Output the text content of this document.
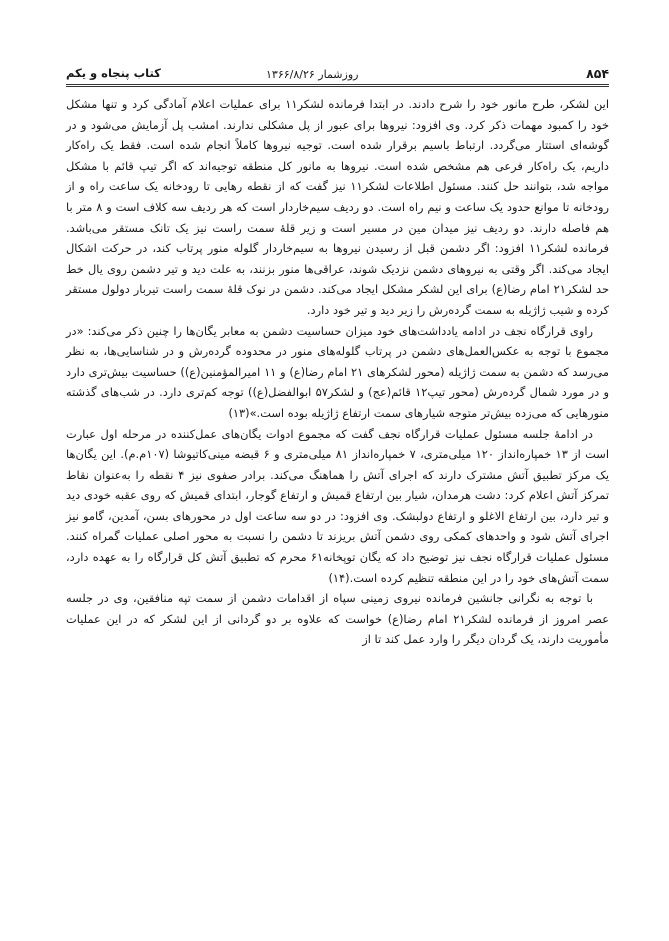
۸۵۴
روزشمار ۱۳۶۶/۸/۲۶
کتاب پنجاه و یکم

این لشکر، طرح مانور خود را شرح دادند. در ابتدا فرمانده لشکر۱۱ برای عملیات اعلام آمادگی کرد و تنها مشکل خود را کمبود مهمات ذکر کرد. وی افزود: نیروها برای عبور از پل مشکلی ندارند. امشب پل آزمایش می‌شود و در گوشه‌ای استتار می‌گردد. ارتباط باسیم برقرار شده است. توجیه نیروها کاملاً انجام شده است. فقط یک راه‌کار داریم، یک راه‌کار فرعی هم مشخص شده است. نیروها به مانور کل منطقه توجیه‌اند که اگر تیپ قائم با مشکل مواجه شد، بتوانند حل کنند. مسئول اطلاعات لشکر۱۱ نیز گفت که از نقطه رهایی تا رودخانه یک ساعت راه و از رودخانه تا موانع حدود یک ساعت و نیم راه است. دو ردیف سیم‌خاردار است که هر ردیف سه کلاف است و ۸ متر با هم فاصله دارند. دو ردیف نیز میدان مین در مسیر است و زیر قلهٔ سمت راست نیز یک تانک مستقر می‌باشد. فرمانده لشکر۱۱ افزود: اگر دشمن قبل از رسیدن نیروها به سیم‌خاردار گلوله منور پرتاب کند، در حرکت اشکال ایجاد می‌کند. اگر وقتی به نیروهای دشمن نزدیک شوند، عراقی‌ها منور بزنند، به علت دید و تیر دشمن روی یال خط حد لشکر۲۱ امام رضا(ع) برای این لشکر مشکل ایجاد می‌کند. دشمن در نوک قلهٔ سمت راست تیربار دولول مستقر کرده و شیب ژاژیله به سمت گرده‌رش را زیر دید و تیر خود دارد.

راوی قرارگاه نجف در ادامه یادداشت‌های خود میزان حساسیت دشمن به معابر یگان‌ها را چنین ذکر می‌کند: «در مجموع با توجه به عکس‌العمل‌های دشمن در پرتاب گلوله‌های منور در محدوده گرده‌رش و در شناسایی‌ها، به نظر می‌رسد که دشمن به سمت ژاژیله (محور لشکرهای ۲۱ امام رضا(ع) و ۱۱ امیرالمؤمنین(ع)) حساسیت بیش‌تری دارد و در مورد شمال گرده‌رش (محور تیپ۱۲ قائم(عج) و لشکر۵۷ ابوالفضل(ع)) توجه کم‌تری دارد. در شب‌های گذشته منورهایی که می‌زده بیش‌تر متوجه شیارهای سمت ارتفاع ژاژیله بوده است.»(۱۳)

در ادامهٔ جلسه مسئول عملیات قرارگاه نجف گفت که مجموع ادوات یگان‌های عمل‌کننده در مرحله اول عبارت است از ۱۳ خمپاره‌انداز ۱۲۰ میلی‌متری، ۷ خمپاره‌انداز ۸۱ میلی‌متری و ۶ قبضه مینی‌کاتیوشا (۱۰۷م.م). این یگان‌ها یک مرکز تطبیق آتش مشترک دارند که اجرای آتش را هماهنگ می‌کند. برادر صفوی نیز ۴ نقطه را به‌عنوان نقاط تمرکز آتش اعلام کرد: دشت هرمدان، شیار بین ارتفاع قمیش و ارتفاع گوجار، ابتدای قمیش که روی عقبه خودی دید و تیر دارد، بین ارتفاع الاغلو و ارتفاع دولبشک. وی افزود: در دو سه ساعت اول در محورهای بسن، آمدین، گامو نیز اجرای آتش شود و واحدهای کمکی روی دشمن آتش بریزند تا دشمن را نسبت به محور اصلی عملیات گمراه کنند. مسئول عملیات قرارگاه نجف نیز توضیح داد که یگان توپخانه۶۱ محرم که تطبیق آتش کل قرارگاه را به عهده دارد، سمت آتش‌های خود را در این منطقه تنظیم کرده است.(۱۴)

با توجه به نگرانی جانشین فرمانده نیروی زمینی سپاه از اقدامات دشمن از سمت تپه منافقین، وی در جلسه عصر امروز از فرمانده لشکر۲۱ امام رضا(ع) خواست که علاوه بر دو گردانی از این لشکر که در این عملیات مأموریت دارند، یک گردان دیگر را وارد عمل کند تا از
